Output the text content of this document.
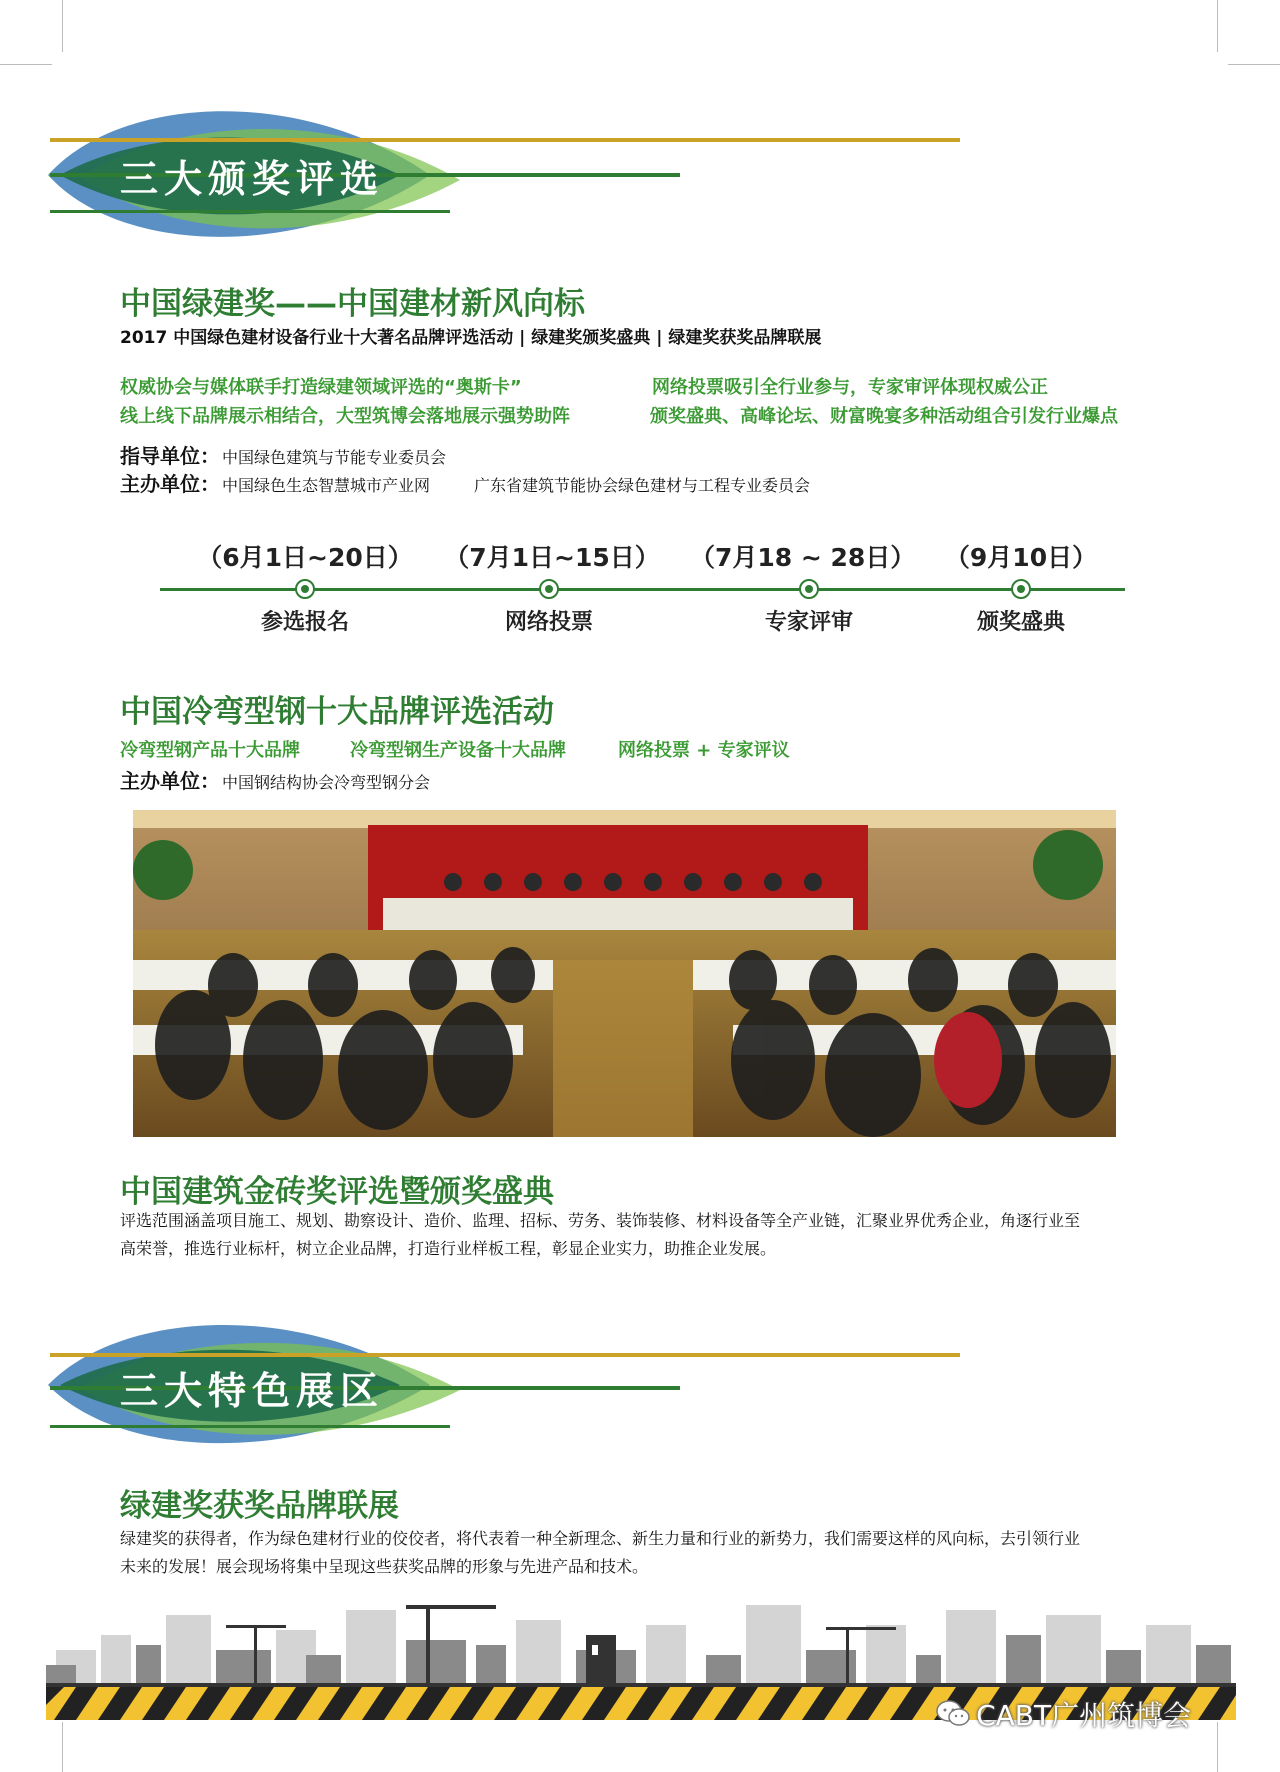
三大颁奖评选
中国绿建奖——中国建材新风向标
2017 中国绿色建材设备行业十大著名品牌评选活动 | 绿建奖颁奖盛典 | 绿建奖获奖品牌联展
权威协会与媒体联手打造绿建领域评选的“奥斯卡”	网络投票吸引全行业参与，专家审评体现权威公正
线上线下品牌展示相结合，大型筑博会落地展示强势助阵	颁奖盛典、高峰论坛、财富晚宴多种活动组合引发行业爆点
指导单位： 中国绿色建筑与节能专业委员会
主办单位： 中国绿色生态智慧城市产业网	广东省建筑节能协会绿色建材与工程专业委员会
（6月1日~20日） （7月1日~15日） （7月18 ~ 28日）	（9月10日）
参选报名	网络投票	专家评审	颁奖盛典
中国冷弯型钢十大品牌评选活动
冷弯型钢产品十大品牌	冷弯型钢生产设备十大品牌	网络投票 + 专家评议
主办单位： 中国钢结构协会冷弯型钢分会
中国建筑金砖奖评选暨颁奖盛典
评选范围涵盖项目施工、规划、勘察设计、造价、监理、招标、劳务、装饰装修、材料设备等全产业链，汇聚业界优秀企业，角逐行业至高荣誉，推选行业标杆，树立企业品牌，打造行业样板工程，彰显企业实力，助推企业发展。
三大特色展区
绿建奖获奖品牌联展
绿建奖的获得者，作为绿色建材行业的佼佼者，将代表着一种全新理念、新生力量和行业的新势力，我们需要这样的风向标，去引领行业未来的发展！展会现场将集中呈现这些获奖品牌的形象与先进产品和技术。
CABT广州筑博会
